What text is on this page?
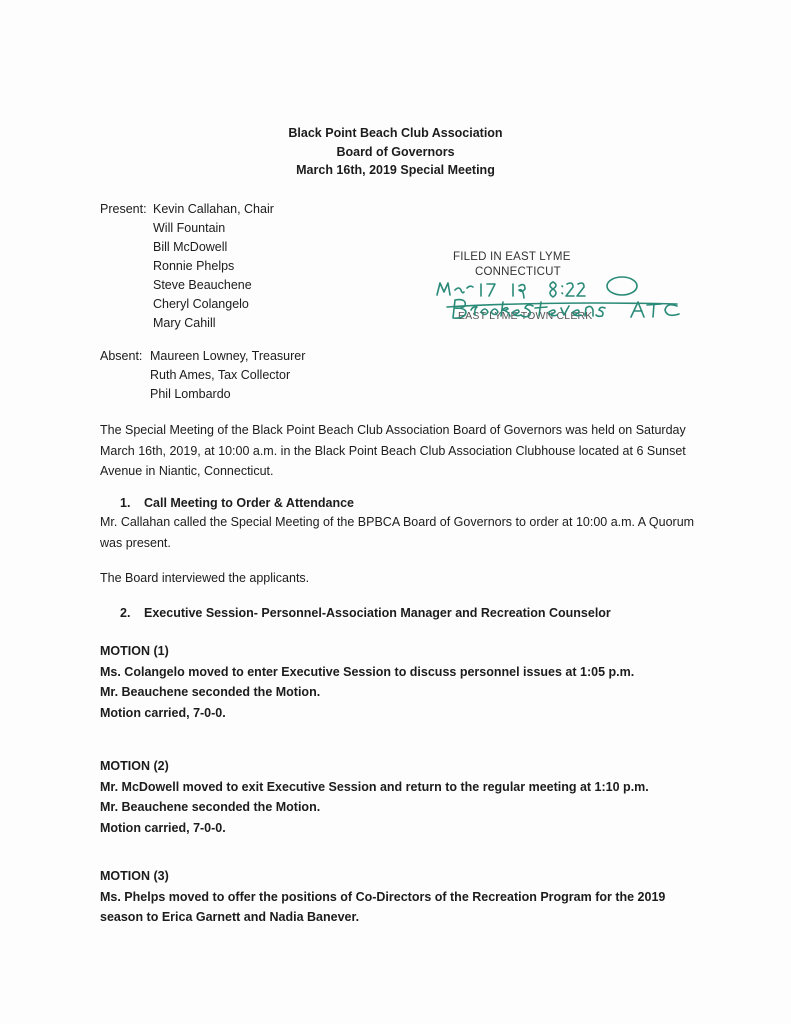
Black Point Beach Club Association
Board of Governors
March 16th, 2019 Special Meeting
Present: Kevin Callahan, Chair
Will Fountain
Bill McDowell
Ronnie Phelps
Steve Beauchene
Cheryl Colangelo
Mary Cahill
FILED IN EAST LYME
CONNECTICUT
EAST LYME TOWN CLERK
Absent: Maureen Lowney, Treasurer
Ruth Ames, Tax Collector
Phil Lombardo
The Special Meeting of the Black Point Beach Club Association Board of Governors was held on Saturday March 16th, 2019, at 10:00 a.m. in the Black Point Beach Club Association Clubhouse located at 6 Sunset Avenue in Niantic, Connecticut.
1. Call Meeting to Order & Attendance
Mr. Callahan called the Special Meeting of the BPBCA Board of Governors to order at 10:00 a.m. A Quorum was present.
The Board interviewed the applicants.
2. Executive Session- Personnel-Association Manager and Recreation Counselor
MOTION (1)
Ms. Colangelo moved to enter Executive Session to discuss personnel issues at 1:05 p.m.
Mr. Beauchene seconded the Motion.
Motion carried, 7-0-0.
MOTION (2)
Mr. McDowell moved to exit Executive Session and return to the regular meeting at 1:10 p.m.
Mr. Beauchene seconded the Motion.
Motion carried, 7-0-0.
MOTION (3)
Ms. Phelps moved to offer the positions of Co-Directors of the Recreation Program for the 2019 season to Erica Garnett and Nadia Banever.
